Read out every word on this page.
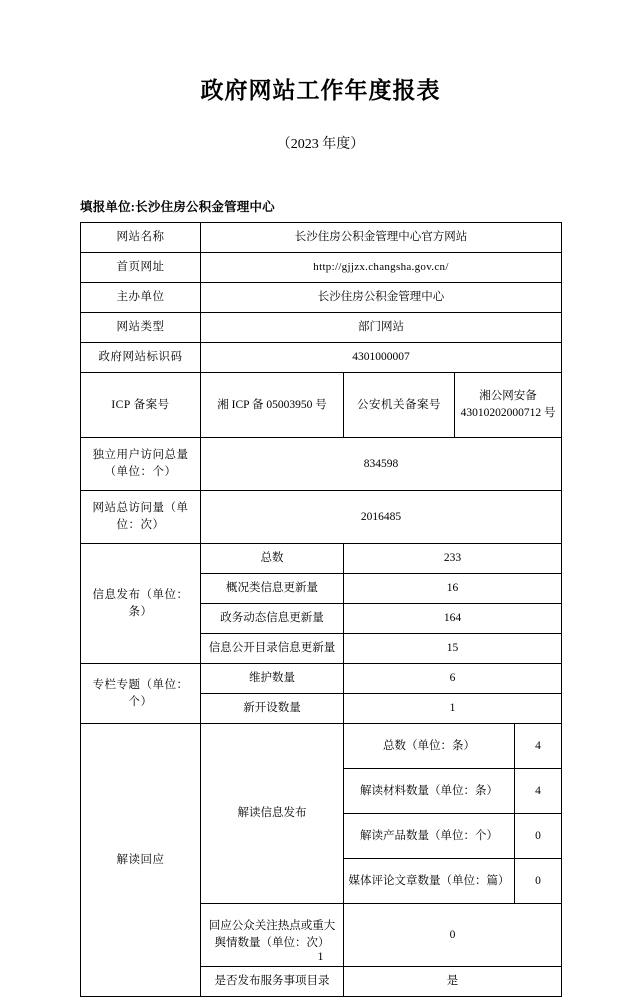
政府网站工作年度报表
（2023 年度）
填报单位:长沙住房公积金管理中心
网站名称	长沙住房公积金管理中心官方网站			
首页网址	http://gjjzx.changsha.gov.cn/			
主办单位	长沙住房公积金管理中心			
网站类型	部门网站			
政府网站标识码	4301000007			
ICP 备案号	湘 ICP 备 05003950 号	公安机关备案号	湘公网安备 43010202000712 号	
独立用户访问总量（单位：个）	834598			
网站总访问量（单位：次）	2016485			
信息发布（单位：条）	总数	233		
	概况类信息更新量	16		
	政务动态信息更新量	164		
	信息公开目录信息更新量	15		
专栏专题（单位：个）	维护数量	6		
	新开设数量	1		
解读回应	解读信息发布	总数（单位：条）		4
		解读材料数量（单位：条）		4
		解读产品数量（单位：个）		0
		媒体评论文章数量（单位：篇）		0
	回应公众关注热点或重大舆情数量（单位：次）	0		
	是否发布服务事项目录	是		
1
